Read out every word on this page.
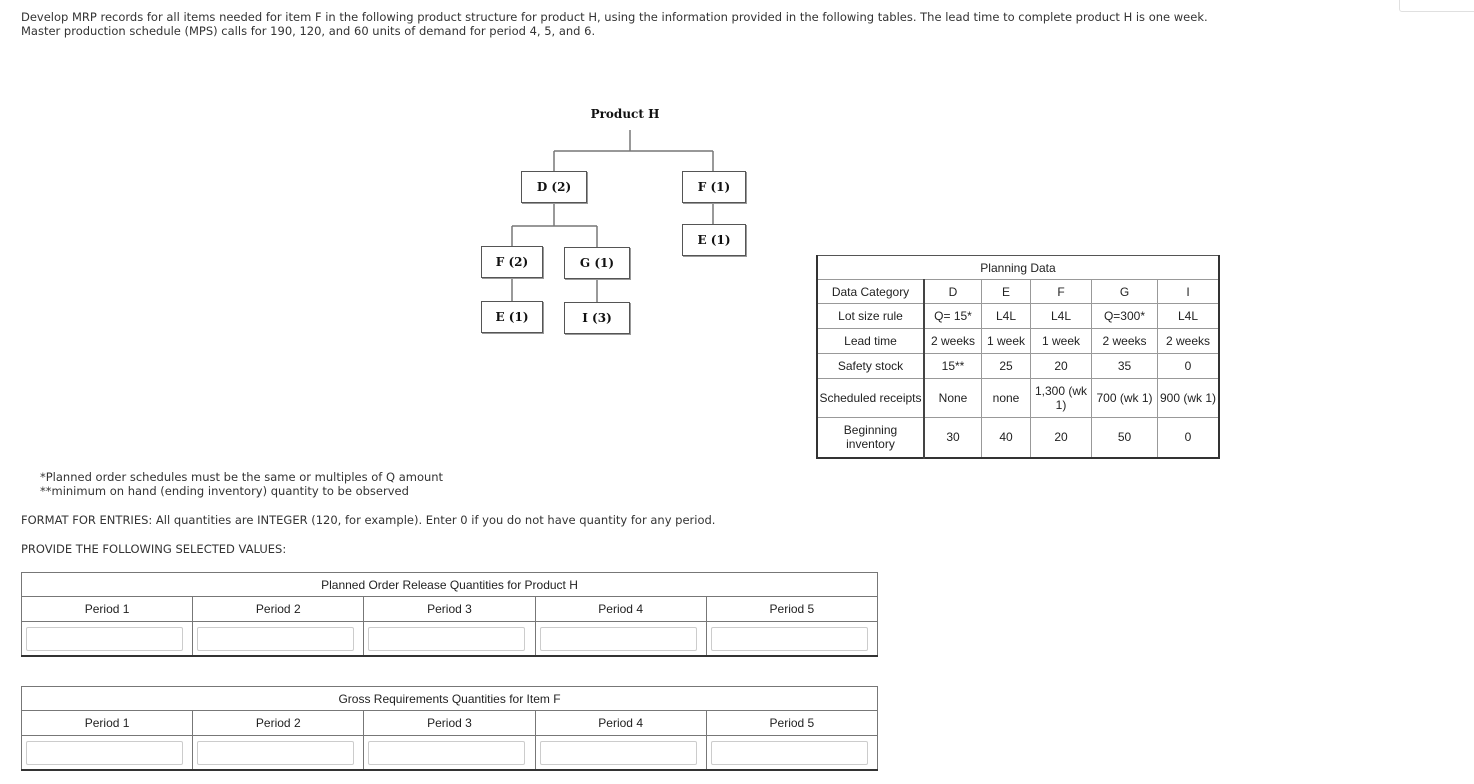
Develop MRP records for all items needed for item F in the following product structure for product H, using the information provided in the following tables. The lead time to complete product H is one week. Master production schedule (MPS) calls for 190, 120, and 60 units of demand for period 4, 5, and 6.
Product H
D (2)	F (1)
E (1)
F (2)	G (1)
E (1)	I (3)
Planning Data					
Data Category	D	E	F	G	I
Lot size rule	Q= 15*	L4L	L4L	Q=300*	L4L
Lead time	2 weeks	1 week	1 week	2 weeks	2 weeks
Safety stock	15**	25	20	35	0
Scheduled receipts	None	none	1,300 (wk 1)	700 (wk 1)	900 (wk 1)
Beginning inventory	30	40	20	50	0
*Planned order schedules must be the same or multiples of Q amount
**minimum on hand (ending inventory) quantity to be observed
FORMAT FOR ENTRIES: All quantities are INTEGER (120, for example). Enter 0 if you do not have quantity for any period.
PROVIDE THE FOLLOWING SELECTED VALUES:
Planned Order Release Quantities for Product H				
Period 1	Period 2	Period 3	Period 4	Period 5

Gross Requirements Quantities for Item F				
Period 1	Period 2	Period 3	Period 4	Period 5
